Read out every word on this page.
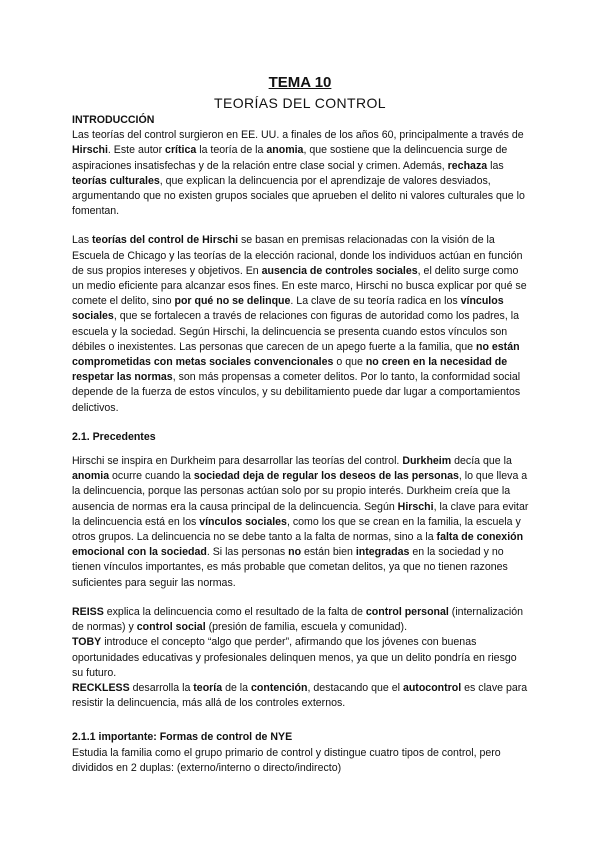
TEMA 10
TEORÍAS DEL CONTROL

INTRODUCCIÓN

Las teorías del control surgieron en EE. UU. a finales de los años 60, principalmente a través de Hirschi. Este autor crítica la teoría de la anomia, que sostiene que la delincuencia surge de aspiraciones insatisfechas y de la relación entre clase social y crimen. Además, rechaza las teorías culturales, que explican la delincuencia por el aprendizaje de valores desviados, argumentando que no existen grupos sociales que aprueben el delito ni valores culturales que lo fomentan.

Las teorías del control de Hirschi se basan en premisas relacionadas con la visión de la Escuela de Chicago y las teorías de la elección racional, donde los individuos actúan en función de sus propios intereses y objetivos. En ausencia de controles sociales, el delito surge como un medio eficiente para alcanzar esos fines. En este marco, Hirschi no busca explicar por qué se comete el delito, sino por qué no se delinque. La clave de su teoría radica en los vínculos sociales, que se fortalecen a través de relaciones con figuras de autoridad como los padres, la escuela y la sociedad. Según Hirschi, la delincuencia se presenta cuando estos vínculos son débiles o inexistentes. Las personas que carecen de un apego fuerte a la familia, que no están comprometidas con metas sociales convencionales o que no creen en la necesidad de respetar las normas, son más propensas a cometer delitos. Por lo tanto, la conformidad social depende de la fuerza de estos vínculos, y su debilitamiento puede dar lugar a comportamientos delictivos.

2.1. Precedentes

Hirschi se inspira en Durkheim para desarrollar las teorías del control. Durkheim decía que la anomia ocurre cuando la sociedad deja de regular los deseos de las personas, lo que lleva a la delincuencia, porque las personas actúan solo por su propio interés. Durkheim creía que la ausencia de normas era la causa principal de la delincuencia. Según Hirschi, la clave para evitar la delincuencia está en los vínculos sociales, como los que se crean en la familia, la escuela y otros grupos. La delincuencia no se debe tanto a la falta de normas, sino a la falta de conexión emocional con la sociedad. Si las personas no están bien integradas en la sociedad y no tienen vínculos importantes, es más probable que cometan delitos, ya que no tienen razones suficientes para seguir las normas.

REISS explica la delincuencia como el resultado de la falta de control personal (internalización de normas) y control social (presión de familia, escuela y comunidad).

TOBY introduce el concepto “algo que perder”, afirmando que los jóvenes con buenas oportunidades educativas y profesionales delinquen menos, ya que un delito pondría en riesgo su futuro.

RECKLESS desarrolla la teoría de la contención, destacando que el autocontrol es clave para resistir la delincuencia, más allá de los controles externos.

2.1.1 importante: Formas de control de NYE

Estudia la familia como el grupo primario de control y distingue cuatro tipos de control, pero divididos en 2 duplas: (externo/interno o directo/indirecto)
